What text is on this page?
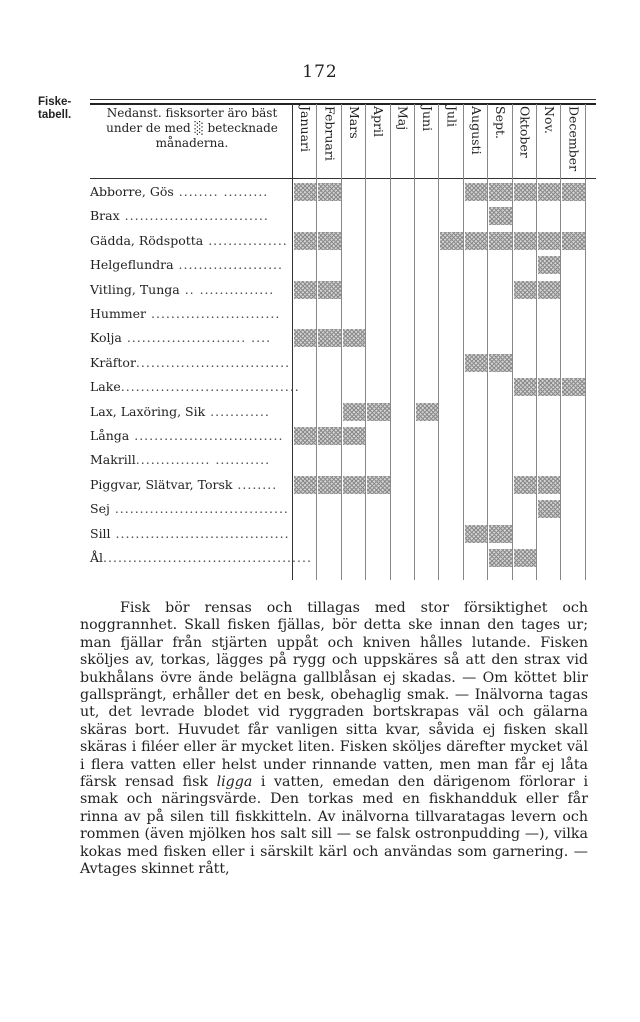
172
Fiske-
tabell.	Nedanst. fisksorter äro bäst
under de med ░ betecknade
månaderna.	Januari Februari Mars April Maj Juni Juli Augusti Sept. Oktober Nov. December
Abborre, Gös ........ .........
Brax .............................
Gädda, Rödspotta ................
Helgeflundra .....................
Vitling, Tunga .. ...............
Hummer ..........................
Kolja ........................ ....
Kräftor...............................
Lake....................................
Lax, Laxöring, Sik ............
Långa ..............................
Makrill............... ...........
Piggvar, Slätvar, Torsk ........
Sej ...................................
Sill ...................................
Ål..........................................

Fisk bör rensas och tillagas med stor försiktighet och noggrannhet. Skall fisken fjällas, bör detta ske innan den tages ur; man fjällar från stjärten uppåt och kniven hålles lutande. Fisken sköljes av, torkas, lägges på rygg och uppskäres så att den strax vid bukhålans övre ände belägna gallblåsan ej skadas. — Om köttet blir gallsprängt, erhåller det en besk, obehaglig smak. — Inälvorna tagas ut, det levrade blodet vid ryggraden bortskrapas väl och gälarna skäras bort. Huvudet får vanligen sitta kvar, såvida ej fisken skall skäras i filéer eller är mycket liten. Fisken sköljes därefter mycket väl i flera vatten eller helst under rinnande vatten, men man får ej låta färsk rensad fisk ligga i vatten, emedan den därigenom förlorar i smak och näringsvärde. Den torkas med en fiskhandduk eller får rinna av på silen till fiskkitteln. Av inälvorna tillvaratagas levern och rommen (även mjölken hos salt sill — se falsk ostronpudding —), vilka kokas med fisken eller i särskilt kärl och användas som garnering. — Avtages skinnet rått,
